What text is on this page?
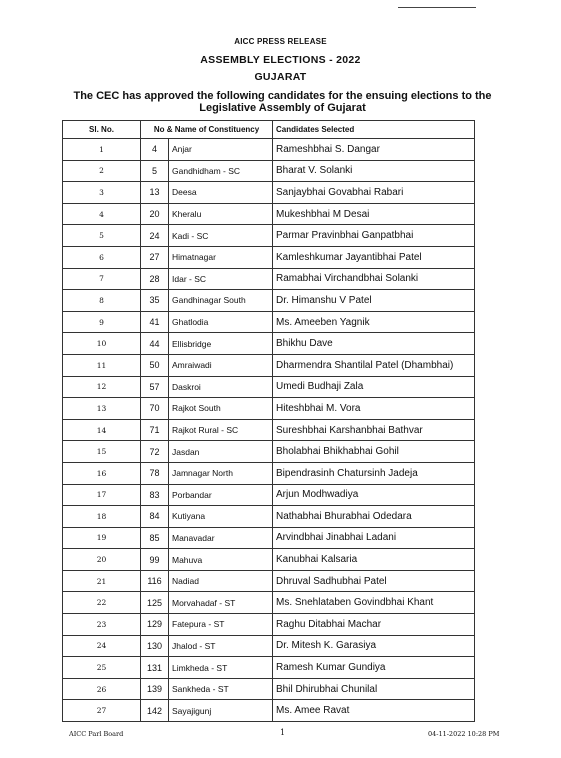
AICC PRESS RELEASE
ASSEMBLY ELECTIONS - 2022
GUJARAT
The CEC has approved the following candidates for the ensuing elections to the Legislative Assembly of Gujarat
Sl. No.	No & Name of Constituency		Candidates Selected
1	4	Anjar	Rameshbhai S. Dangar
2	5	Gandhidham - SC	Bharat V. Solanki
3	13	Deesa	Sanjaybhai Govabhai Rabari
4	20	Kheralu	Mukeshbhai M Desai
5	24	Kadi - SC	Parmar Pravinbhai Ganpatbhai
6	27	Himatnagar	Kamleshkumar Jayantibhai Patel
7	28	Idar - SC	Ramabhai Virchandbhai Solanki
8	35	Gandhinagar South	Dr. Himanshu V Patel
9	41	Ghatlodia	Ms. Ameeben Yagnik
10	44	Ellisbridge	Bhikhu Dave
11	50	Amraiwadi	Dharmendra Shantilal Patel (Dhambhai)
12	57	Daskroi	Umedi Budhaji Zala
13	70	Rajkot South	Hiteshbhai M. Vora
14	71	Rajkot Rural - SC	Sureshbhai Karshanbhai Bathvar
15	72	Jasdan	Bholabhai Bhikhabhai Gohil
16	78	Jamnagar North	Bipendrasinh Chatursinh Jadeja
17	83	Porbandar	Arjun Modhwadiya
18	84	Kutiyana	Nathabhai Bhurabhai Odedara
19	85	Manavadar	Arvindbhai Jinabhai Ladani
20	99	Mahuva	Kanubhai Kalsaria
21	116	Nadiad	Dhruval Sadhubhai Patel
22	125	Morvahadaf - ST	Ms. Snehlataben Govindbhai Khant
23	129	Fatepura - ST	Raghu Ditabhai Machar
24	130	Jhalod - ST	Dr. Mitesh K. Garasiya
25	131	Limkheda - ST	Ramesh Kumar Gundiya
26	139	Sankheda - ST	Bhil Dhirubhai Chunilal
27	142	Sayajigunj	Ms. Amee Ravat
AICC Parl Board	1	04-11-2022 10:28 PM
